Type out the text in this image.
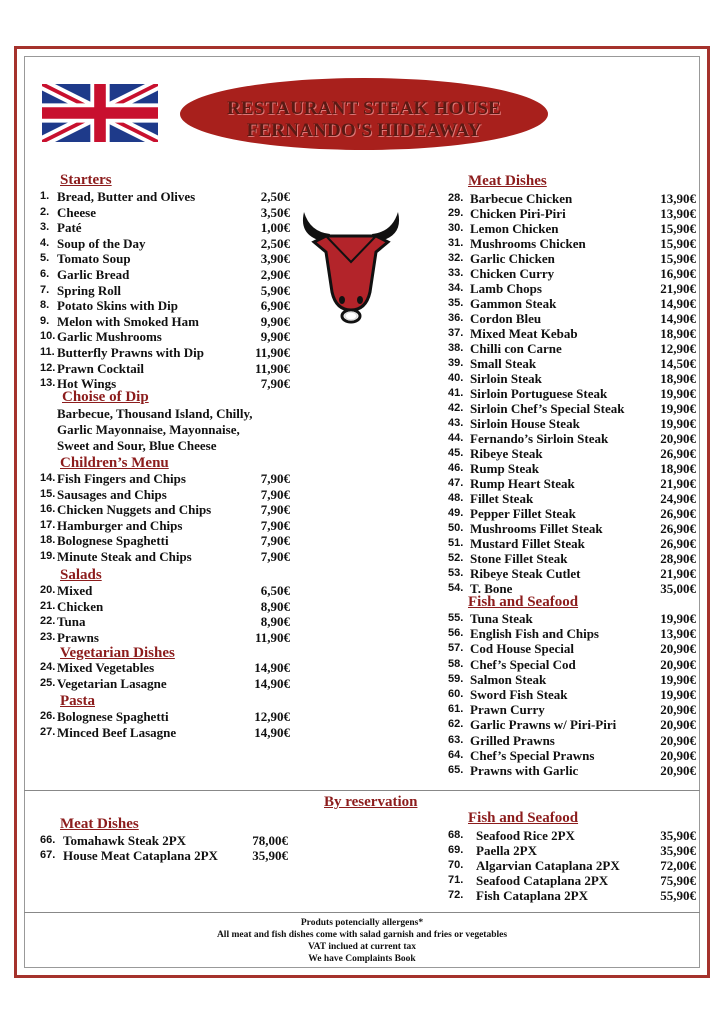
RESTAURANT STEAK HOUSE
FERNANDO'S HIDEAWAY
Starters
1. Bread, Butter and Olives	2,50€
2. Cheese	3,50€
3. Paté	1,00€
4. Soup of the Day	2,50€
5. Tomato Soup	3,90€
6. Garlic Bread	2,90€
7. Spring Roll	5,90€
8. Potato Skins with Dip	6,90€
9. Melon with Smoked Ham	9,90€
10. Garlic Mushrooms	9,90€
11. Butterfly Prawns with Dip	11,90€
12. Prawn Cocktail	11,90€
13. Hot Wings	7,90€
Children’s Menu
14. Fish Fingers and Chips	7,90€
15. Sausages and Chips	7,90€
16. Chicken Nuggets and Chips	7,90€
17. Hamburger and Chips	7,90€
18. Bolognese Spaghetti	7,90€
19. Minute Steak and Chips	7,90€
Salads
20. Mixed	6,50€
21. Chicken	8,90€
22. Tuna	8,90€
23. Prawns	11,90€
Vegetarian Dishes
24. Mixed Vegetables	14,90€
25. Vegetarian Lasagne	14,90€
Pasta
26. Bolognese Spaghetti	12,90€
27. Minced Beef Lasagne	14,90€
Choise of Dip
Barbecue, Thousand Island, Chilly,
Garlic Mayonnaise, Mayonnaise,
Sweet and Sour, Blue Cheese
Meat Dishes
28. Barbecue Chicken	13,90€
29. Chicken Piri-Piri	13,90€
30. Lemon Chicken	15,90€
31. Mushrooms Chicken	15,90€
32. Garlic Chicken	15,90€
33. Chicken Curry	16,90€
34. Lamb Chops	21,90€
35. Gammon Steak	14,90€
36. Cordon Bleu	14,90€
37. Mixed Meat Kebab	18,90€
38. Chilli con Carne	12,90€
39. Small Steak	14,50€
40. Sirloin Steak	18,90€
41. Sirloin Portuguese Steak	19,90€
42. Sirloin Chef’s Special Steak	19,90€
43. Sirloin House Steak	19,90€
44. Fernando’s Sirloin Steak	20,90€
45. Ribeye Steak	26,90€
46. Rump Steak	18,90€
47. Rump Heart Steak	21,90€
48. Fillet Steak	24,90€
49. Pepper Fillet Steak	26,90€
50. Mushrooms Fillet Steak	26,90€
51. Mustard Fillet Steak	26,90€
52. Stone Fillet Steak	28,90€
53. Ribeye Steak Cutlet	21,90€
54. T. Bone	35,00€
Fish and Seafood
55. Tuna Steak	19,90€
56. English Fish and Chips	13,90€
57. Cod House Special	20,90€
58. Chef’s Special Cod	20,90€
59. Salmon Steak	19,90€
60. Sword Fish Steak	19,90€
61. Prawn Curry	20,90€
62. Garlic Prawns w/ Piri-Piri	20,90€
63. Grilled Prawns	20,90€
64. Chef’s Special Prawns	20,90€
65. Prawns with Garlic	20,90€
Meat Dishes
66. Tomahawk Steak 2PX	78,00€
67. House Meat Cataplana 2PX	35,90€
Fish and Seafood
68. Seafood Rice 2PX	35,90€
69. Paella 2PX	35,90€
70. Algarvian Cataplana 2PX	72,00€
71. Seafood Cataplana 2PX	75,90€
72. Fish Cataplana 2PX	55,90€
By reservation
Produts potencially allergens*
All meat and fish dishes come with salad garnish and fries or vegetables
VAT inclued at current tax
We have Complaints Book
